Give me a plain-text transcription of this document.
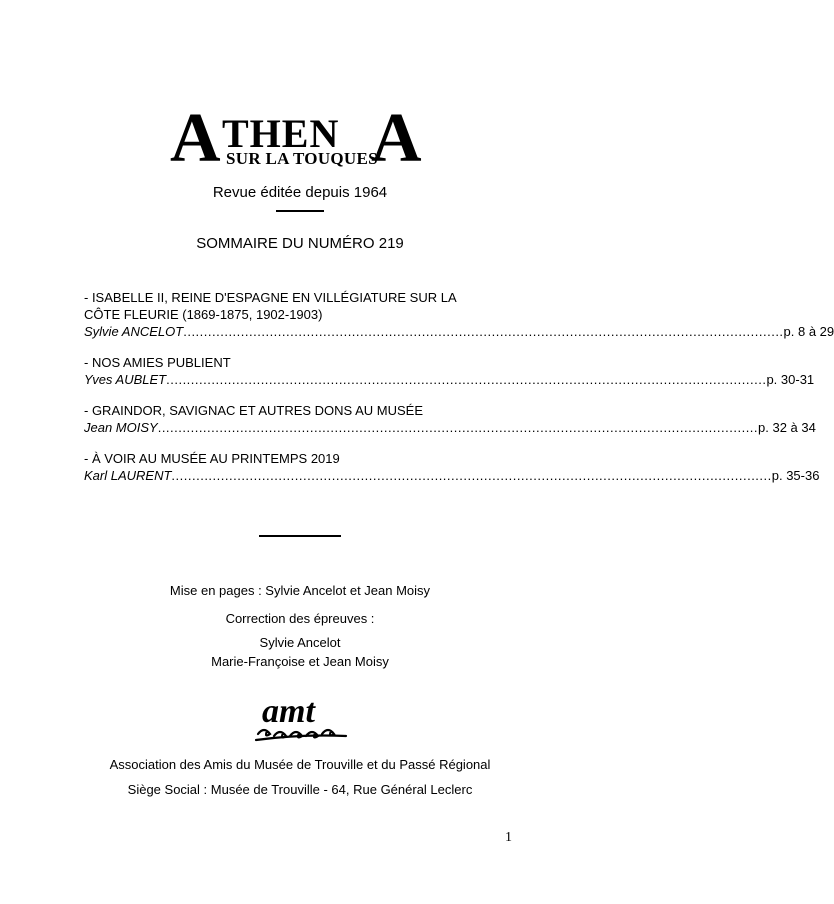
A THEN
SUR LA TOUQUES
A
Revue éditée depuis 1964
SOMMAIRE DU NUMÉRO 219
- ISABELLE II, REINE D'ESPAGNE EN VILLÉGIATURE SUR LA
CÔTE FLEURIE (1869-1875, 1902-1903)
Sylvie ANCELOT .................................................................................................................................................. p. 8 à 29
- NOS AMIES PUBLIENT
Yves AUBLET .................................................................................................................................................. p. 30-31
- GRAINDOR, SAVIGNAC ET AUTRES DONS AU MUSÉE
Jean MOISY .................................................................................................................................................. p. 32 à 34
- À VOIR AU MUSÉE AU PRINTEMPS 2019
Karl LAURENT .................................................................................................................................................. p. 35-36
Mise en pages : Sylvie Ancelot et Jean Moisy
Correction des épreuves :
Sylvie Ancelot
Marie-Françoise et Jean Moisy
amt
Association des Amis du Musée de Trouville et du Passé Régional
Siège Social : Musée de Trouville - 64, Rue Général Leclerc
1
